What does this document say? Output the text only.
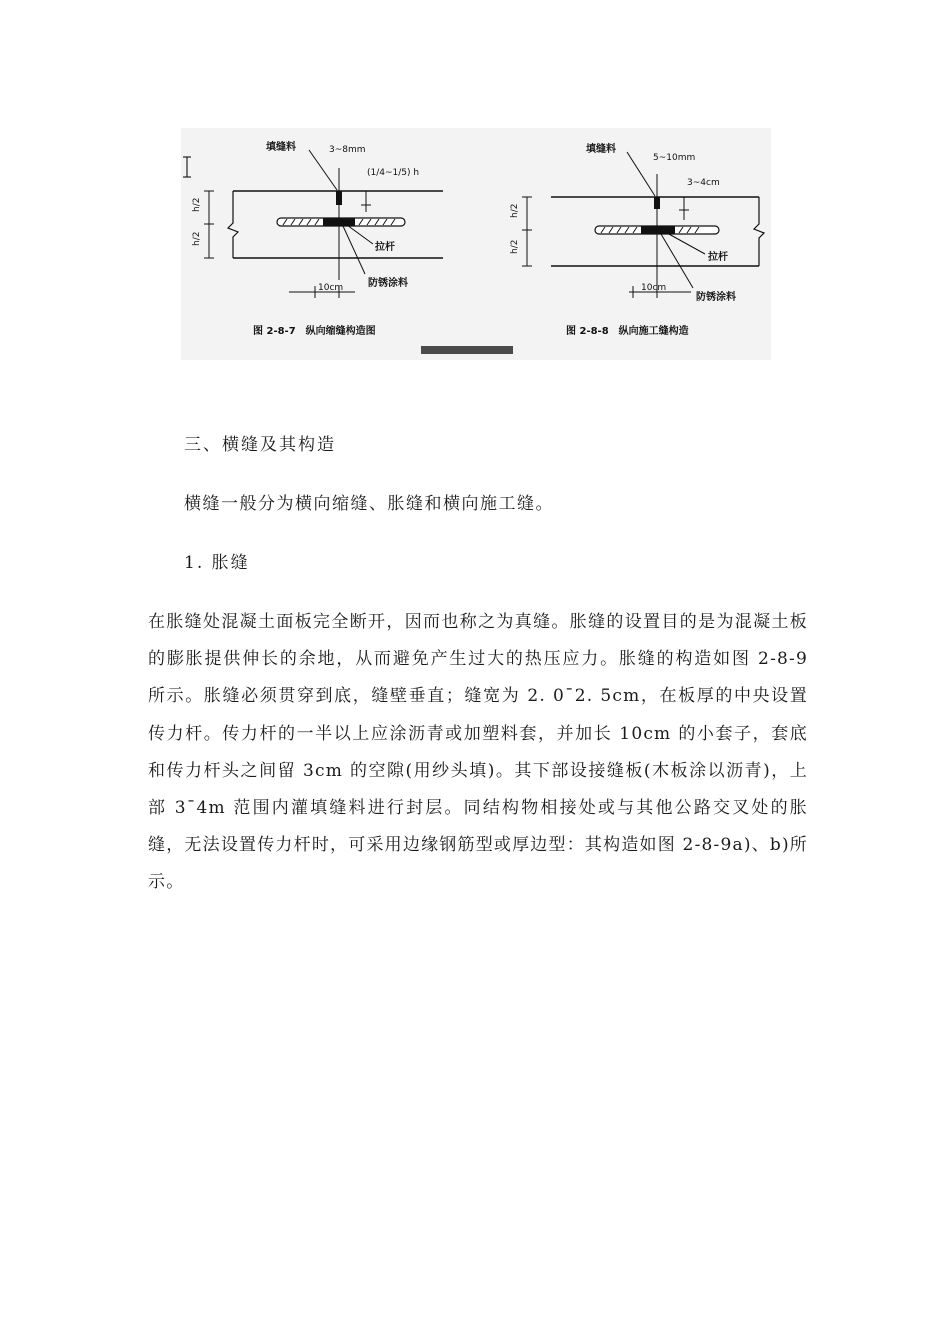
h/2
h/2
填缝料	3~8mm
(1/4~1/5) h
拉杆
防锈涂料
10cm
图 2-8-7　纵向缩缝构造图
h/2
h/2
填缝料
5~10mm
3~4cm
拉杆
防锈涂料
10cm
图 2-8-8　纵向施工缝构造
三、横缝及其构造

横缝一般分为横向缩缝、胀缝和横向施工缝。

1. 胀缝

在胀缝处混凝土面板完全断开，因而也称之为真缝。胀缝的设置目的是为混凝土板的膨胀提供伸长的余地，从而避免产生过大的热压应力。胀缝的构造如图 2-8-9 所示。胀缝必须贯穿到底，缝壁垂直；缝宽为 2. 0¯2. 5cm，在板厚的中央设置传力杆。传力杆的一半以上应涂沥青或加塑料套，并加长 10cm 的小套子，套底和传力杆头之间留 3cm 的空隙(用纱头填)。其下部设接缝板(木板涂以沥青)，上部 3¯4m 范围内灌填缝料进行封层。同结构物相接处或与其他公路交叉处的胀缝，无法设置传力杆时，可采用边缘钢筋型或厚边型：其构造如图 2-8-9a)、b)所示。
